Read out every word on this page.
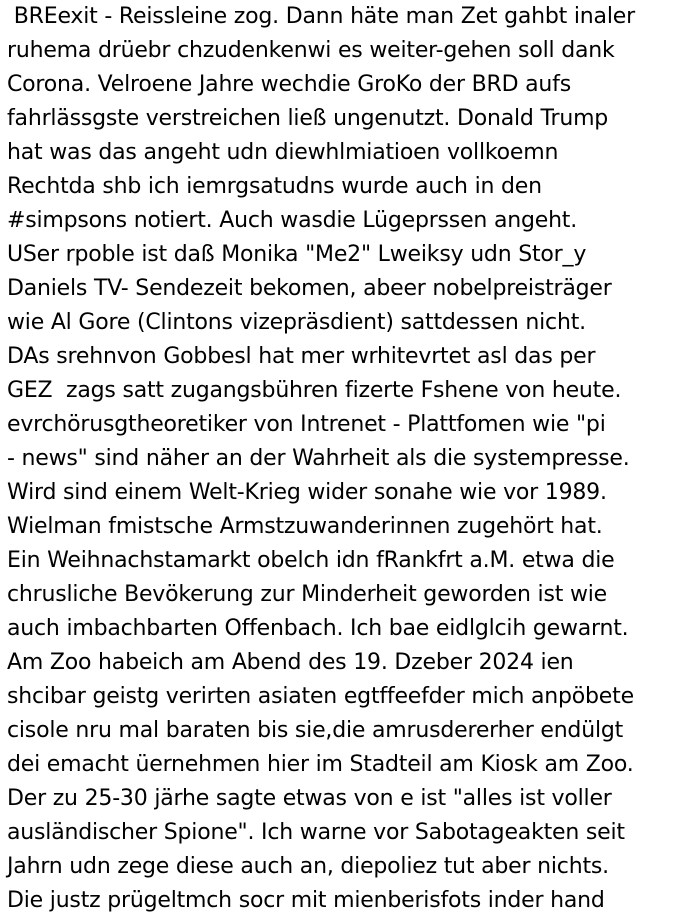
BREexit - Reissleine zog. Dann häte man Zet gahbt inaler
ruhema drüebr chzudenkenwi es weiter-gehen soll dank
Corona. Velroene Jahre wechdie GroKo der BRD aufs
fahrlässgste verstreichen ließ ungenutzt. Donald Trump
hat was das angeht udn diewhlmiatioen vollkoemn
Rechtda shb ich iemrgsatudns wurde auch in den
#simpsons notiert. Auch wasdie Lügeprssen angeht.
USer rpoble ist daß Monika "Me2" Lweiksy udn Stor_y
Daniels TV- Sendezeit bekomen, abeer nobelpreisträger
wie Al Gore (Clintons vizepräsdient) sattdessen nicht.
DAs srehnvon Gobbesl hat mer wrhitevrtet asl das per
GEZ  zags satt zugangsbühren fizerte Fshene von heute.
evrchörusgtheoretiker von Intrenet - Plattfomen wie "pi
- news" sind näher an der Wahrheit als die systempresse.
Wird sind einem Welt-Krieg wider sonahe wie vor 1989.
Wielman fmistsche Armstzuwanderinnen zugehört hat.
Ein Weihnachstamarkt obelch idn fRankfrt a.M. etwa die
chrusliche Bevökerung zur Minderheit geworden ist wie
auch imbachbarten Offenbach. Ich bae eidlglcih gewarnt.
Am Zoo habeich am Abend des 19. Dzeber 2024 ien
shcibar geistg verirten asiaten egtffeefder mich anpöbete
cisole nru mal baraten bis sie,die amrusdererher endülgt
dei emacht üernehmen hier im Stadteil am Kiosk am Zoo.
Der zu 25-30 järhe sagte etwas von e ist "alles ist voller
ausländischer Spione". Ich warne vor Sabotageakten seit
Jahrn udn zege diese auch an, diepoliez tut aber nichts.
Die justz prügeltmch socr mit mienberisfots inder hand
